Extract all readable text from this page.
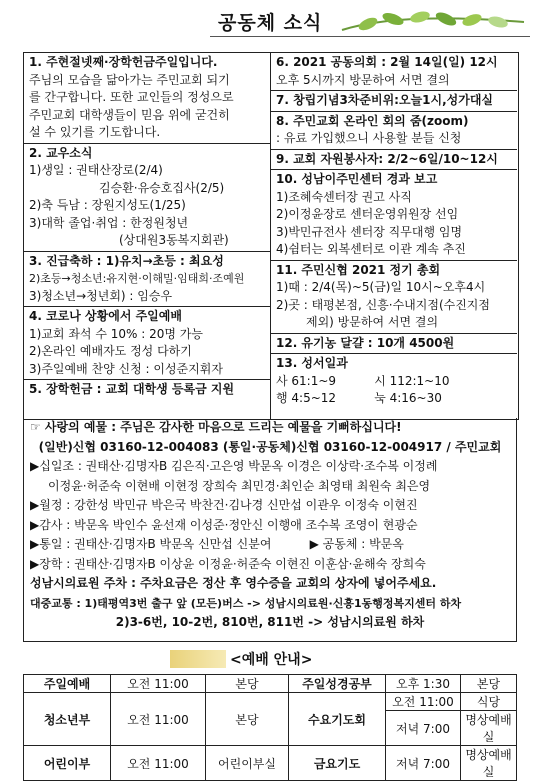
공동체 소식
1. 주현절넷째·장학헌금주일입니다.
주님의 모습을 닮아가는 주민교회 되기
를 간구합니다. 또한 교인들의 정성으로
주민교회 대학생들이 믿음 위에 굳건히
설 수 있기를 기도합니다.
2. 교우소식
1)생일 : 권태산장로(2/4)
김승환·유승호집사(2/5)
2)축 득남 : 장원지성도(1/25)
3)대학 졸업·취업 : 한정원청년
(상대원3동복지회관)
3. 진급축하 : 1)유치→초등 : 최요성
2)초등→청소년:유지현·이해밀·임태희·조예원
3)청소년→청년회) : 임승우
4. 코로나 상황에서 주일예배
1)교회 좌석 수 10% : 20명 가능
2)온라인 예배자도 정성 다하기
3)주일예배 찬양 신청 : 이성준지휘자
5. 장학헌금 : 교회 대학생 등록금 지원
6. 2021 공동의회 : 2월 14일(일) 12시
오후 5시까지 방문하여 서면 결의
7. 창립기념3차준비위:오늘1시,성가대실
8. 주민교회 온라인 회의 줌(zoom)
: 유료 가입했으니 사용할 분들 신청
9. 교회 자원봉사자: 2/2~6일/10~12시
10. 성남이주민센터 경과 보고
1)조혜숙센터장 권고 사직
2)이정윤장로 센터운영위원장 선임
3)박민규전사 센터장 직무대행 임명
4)쉼터는 외복센터로 이관 계속 추진
11. 주민신협 2021 정기 총회
1)때 : 2/4(목)~5(금)일 10시~오후4시
2)곳 : 태평본점, 신흥·수내지점(수진지점
제외) 방문하여 서면 결의
12. 유기농 달걀 : 10개 4500원
13. 성서일과
사 61:1~9          시 112:1~10
행 4:5~12          눅 4:16~30
☞ 사랑의 예물 : 주님은 감사한 마음으로 드리는 예물을 기뻐하십니다!
(일반)신협 03160-12-004083 (통일·공동체)신협 03160-12-004917 / 주민교회
▶십일조 : 권태산·김명자B 김은직·고은영 박문옥 이경은 이상락·조수복 이정례
이정윤·허준숙 이현배 이현정 장희숙 최민경·최인순 최영태 최원숙 최은영
▶월정 : 강한성 박민규 박은국 박찬건·김나경 신만섭 이관우 이정숙 이현진
▶감사 : 박문옥 박인수 윤선재 이성준·정안신 이행애 조수복 조영이 현광순
▶통일 : 권태산·김명자B 박문옥 신만섭 신분여          ▶ 공동체 : 박문옥
▶장학 : 권태산·김명자B 이상윤 이정윤·허준숙 이현진 이훈삼·윤해숙 장희숙
성남시의료원 주차 : 주차요금은 정산 후 영수증을 교회의 상자에 넣어주세요.
대중교통 : 1)태평역3번 출구 앞 (모든)버스 -> 성남시의료원·신흥1동행정복지센터 하차
2)3-6번, 10-2번, 810번, 811번 -> 성남시의료원 하차
<예배 안내>
주일예배	오전 11:00	본당	주일성경공부	오후 1:30	본당
청소년부	오전 11:00	본당	수요기도회	오전 11:00	식당
				저녁 7:00	명상예배실
어린이부	오전 11:00	어린이부실	금요기도	저녁 7:00	명상예배실
